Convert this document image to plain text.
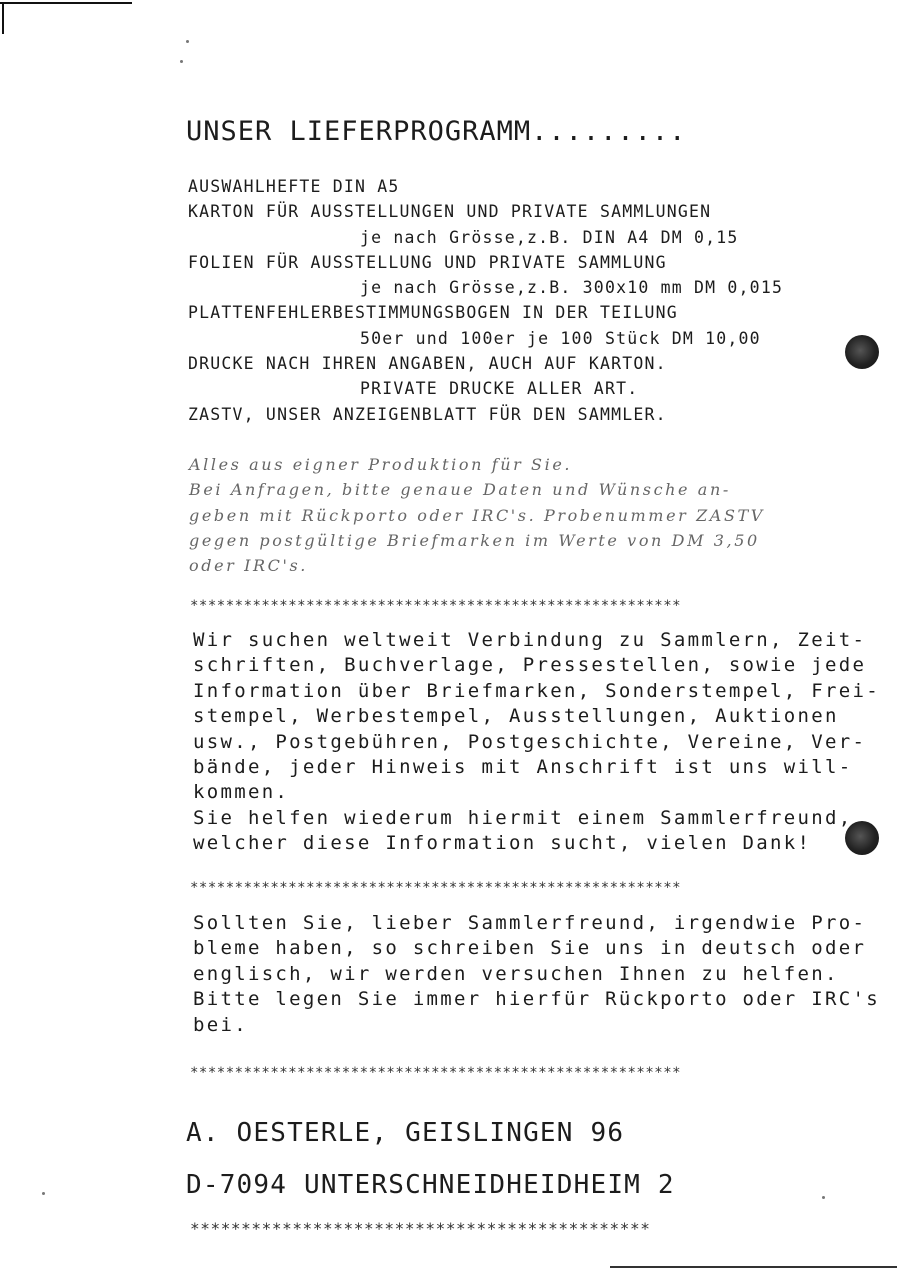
UNSER LIEFERPROGRAMM.........
AUSWAHLHEFTE DIN A5
KARTON FÜR AUSSTELLUNGEN UND PRIVATE SAMMLUNGEN
je nach Grösse,z.B. DIN A4 DM 0,15
FOLIEN FÜR AUSSTELLUNG UND PRIVATE SAMMLUNG
je nach Grösse,z.B. 300x10 mm DM 0,015
PLATTENFEHLERBESTIMMUNGSBOGEN IN DER TEILUNG
50er und 100er je 100 Stück DM 10,00
DRUCKE NACH IHREN ANGABEN, AUCH AUF KARTON.
PRIVATE DRUCKE ALLER ART.
ZASTV, UNSER ANZEIGENBLATT FÜR DEN SAMMLER.
Alles aus eigner Produktion für Sie.
Bei Anfragen, bitte genaue Daten und Wünsche an-
geben mit Rückporto oder IRC's. Probenummer ZASTV
gegen postgültige Briefmarken im Werte von DM 3,50
oder IRC's.
*******************************************************
Wir suchen weltweit Verbindung zu Sammlern, Zeit-
schriften, Buchverlage, Pressestellen, sowie jede
Information über Briefmarken, Sonderstempel, Frei-
stempel, Werbestempel, Ausstellungen, Auktionen
usw., Postgebühren, Postgeschichte, Vereine, Ver-
bände, jeder Hinweis mit Anschrift ist uns will-
kommen.
Sie helfen wiederum hiermit einem Sammlerfreund,
welcher diese Information sucht, vielen Dank!
*******************************************************
Sollten Sie, lieber Sammlerfreund, irgendwie Pro-
bleme haben, so schreiben Sie uns in deutsch oder
englisch, wir werden versuchen Ihnen zu helfen.
Bitte legen Sie immer hierfür Rückporto oder IRC's
bei.
*******************************************************
A. OESTERLE, GEISLINGEN 96
D-7094 UNTERSCHNEIDHEIDHEIM 2
*********************************************
